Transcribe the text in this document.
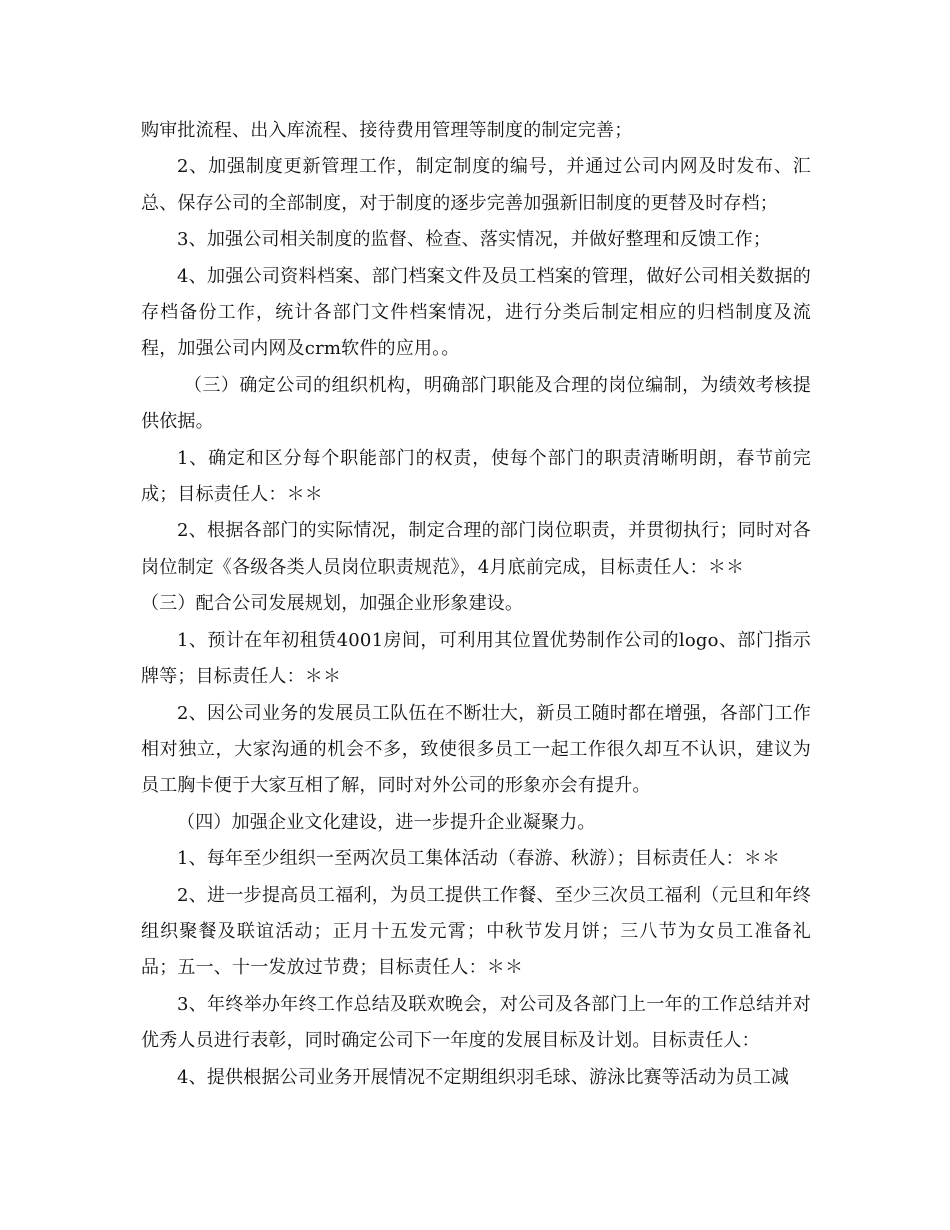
购审批流程、出入库流程、接待费用管理等制度的制定完善；

2、加强制度更新管理工作，制定制度的编号，并通过公司内网及时发布、汇总、保存公司的全部制度，对于制度的逐步完善加强新旧制度的更替及时存档；

3、加强公司相关制度的监督、检查、落实情况，并做好整理和反馈工作；

4、加强公司资料档案、部门档案文件及员工档案的管理，做好公司相关数据的存档备份工作，统计各部门文件档案情况，进行分类后制定相应的归档制度及流程，加强公司内网及crm软件的应用。。

（三）确定公司的组织机构，明确部门职能及合理的岗位编制，为绩效考核提供依据。

1、确定和区分每个职能部门的权责，使每个部门的职责清晰明朗，春节前完成；目标责任人：＊＊

2、根据各部门的实际情况，制定合理的部门岗位职责，并贯彻执行；同时对各岗位制定《各级各类人员岗位职责规范》，4月底前完成，目标责任人：＊＊

（三）配合公司发展规划，加强企业形象建设。

1、预计在年初租赁4001房间，可利用其位置优势制作公司的logo、部门指示牌等；目标责任人：＊＊

2、因公司业务的发展员工队伍在不断壮大，新员工随时都在增强，各部门工作相对独立，大家沟通的机会不多，致使很多员工一起工作很久却互不认识，建议为员工胸卡便于大家互相了解，同时对外公司的形象亦会有提升。

（四）加强企业文化建设，进一步提升企业凝聚力。

1、每年至少组织一至两次员工集体活动（春游、秋游）；目标责任人：＊＊

2、进一步提高员工福利，为员工提供工作餐、至少三次员工福利（元旦和年终组织聚餐及联谊活动；正月十五发元霄；中秋节发月饼；三八节为女员工准备礼品；五一、十一发放过节费；目标责任人：＊＊

3、年终举办年终工作总结及联欢晚会，对公司及各部门上一年的工作总结并对优秀人员进行表彰，同时确定公司下一年度的发展目标及计划。目标责任人：

4、提供根据公司业务开展情况不定期组织羽毛球、游泳比赛等活动为员工减
